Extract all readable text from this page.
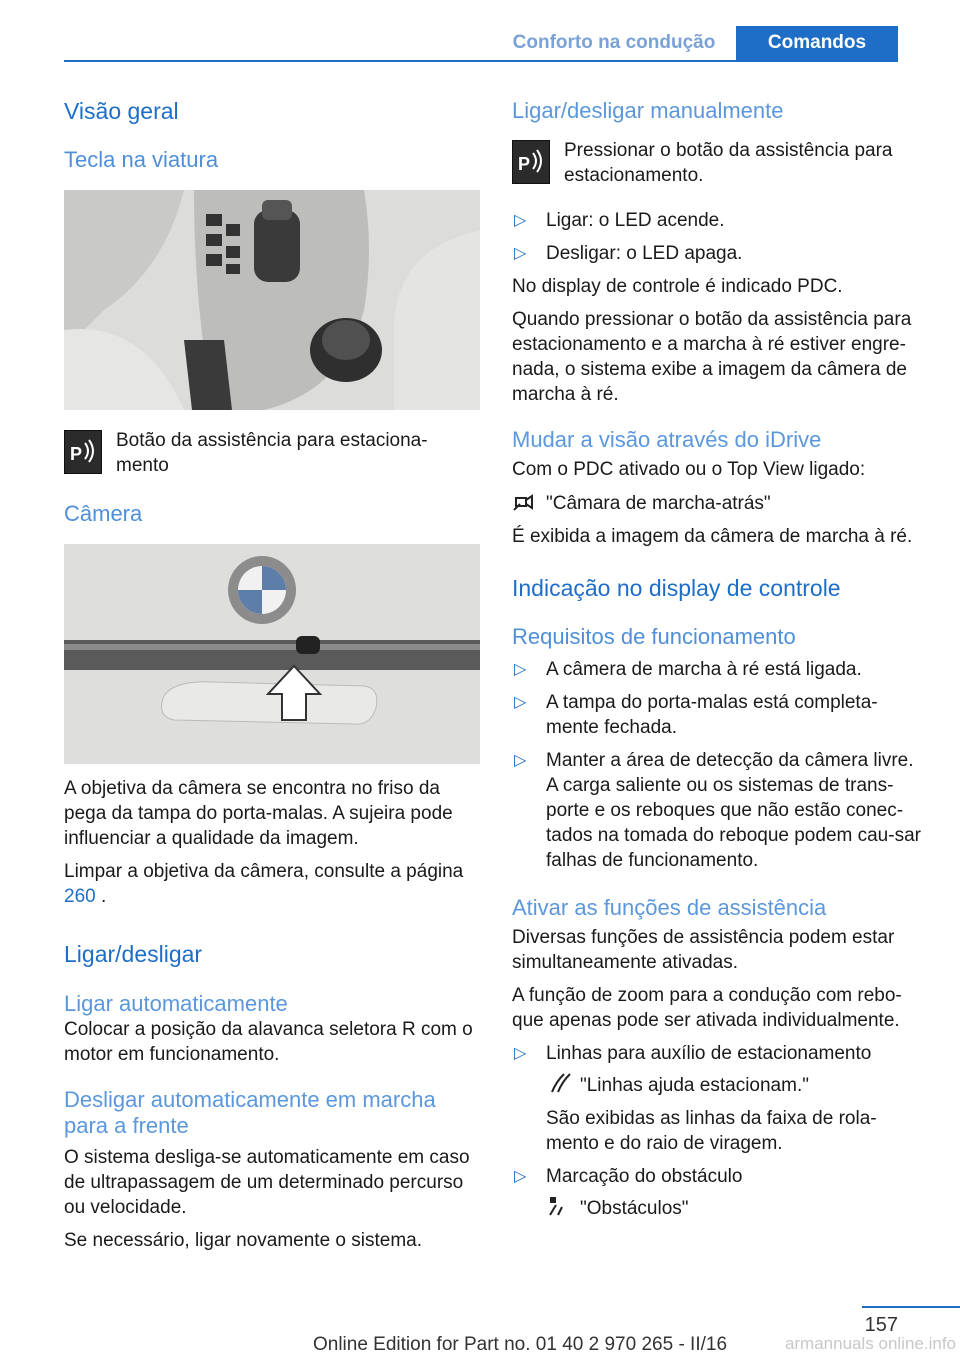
Conforto na condução	Comandos
Visão geral
Tecla na viatura
P

Botão da assistência para estaciona‐mento

Câmera

A objetiva da câmera se encontra no friso da pega da tampa do porta-malas. A sujeira pode influenciar a qualidade da imagem.

Limpar a objetiva da câmera, consulte a página 260 .

Ligar/desligar
Ligar automaticamente

Colocar a posição da alavanca seletora R com o motor em funcionamento.

Desligar automaticamente em marcha para a frente

O sistema desliga-se automaticamente em caso de ultrapassagem de um determinado percurso ou velocidade.

Se necessário, ligar novamente o sistema.

Ligar/desligar manualmente
P

Pressionar o botão da assistência para estacionamento.

▷ Ligar: o LED acende.
▷ Desligar: o LED apaga.

No display de controle é indicado PDC.

Quando pressionar o botão da assistência para estacionamento e a marcha à ré estiver engre‐nada, o sistema exibe a imagem da câmera de marcha à ré.

Mudar a visão através do iDrive

Com o PDC ativado ou o Top View ligado:

"Câmara de marcha-atrás"

É exibida a imagem da câmera de marcha à ré.

Indicação no display de controle
Requisitos de funcionamento
▷ A câmera de marcha à ré está ligada.
▷ A tampa do porta-malas está completa‐mente fechada.
▷ Manter a área de detecção da câmera livre. A carga saliente ou os sistemas de trans‐porte e os reboques que não estão conec‐tados na tomada do reboque podem cau‐sar falhas de funcionamento.
Ativar as funções de assistência

Diversas funções de assistência podem estar simultaneamente ativadas.

A função de zoom para a condução com rebo‐que apenas pode ser ativada individualmente.

▷ Linhas para auxílio de estacionamento
"Linhas ajuda estacionam."
São exibidas as linhas da faixa de rola‐mento e do raio de viragem.
▷ Marcação do obstáculo
"Obstáculos"
157
Online Edition for Part no. 01 40 2 970 265 - II/16	armannuals online.info
